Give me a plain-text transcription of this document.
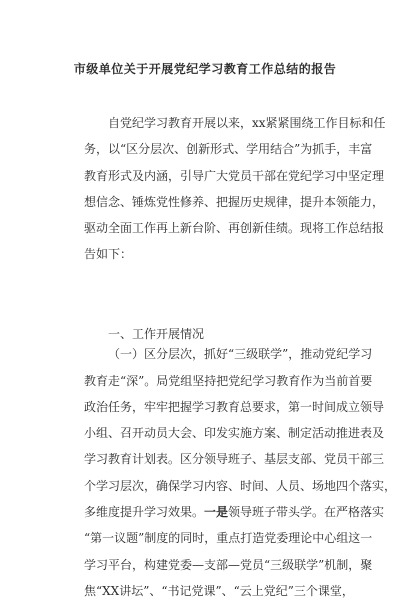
市级单位关于开展党纪学习教育工作总结的报告
自党纪学习教育开展以来，xx紧紧围绕工作目标和任
务，以“区分层次、创新形式、学用结合”为抓手，丰富
教育形式及内涵，引导广大党员干部在党纪学习中坚定理
想信念、锤炼党性修养、把握历史规律，提升本领能力，
驱动全面工作再上新台阶、再创新佳绩。现将工作总结报
告如下：
一、工作开展情况
（一）区分层次，抓好“三级联学”，推动党纪学习
教育走“深”。局党组坚持把党纪学习教育作为当前首要
政治任务，牢牢把握学习教育总要求，第一时间成立领导
小组、召开动员大会、印发实施方案、制定活动推进表及
学习教育计划表。区分领导班子、基层支部、党员干部三
个学习层次，确保学习内容、时间、人员、场地四个落实，
多维度提升学习效果。一是领导班子带头学。在严格落实
“第一议题”制度的同时，重点打造党委理论中心组这一
学习平台，构建党委—支部—党员“三级联学”机制，聚
焦“XX讲坛”、“书记党课”、“云上党纪”三个课堂，
